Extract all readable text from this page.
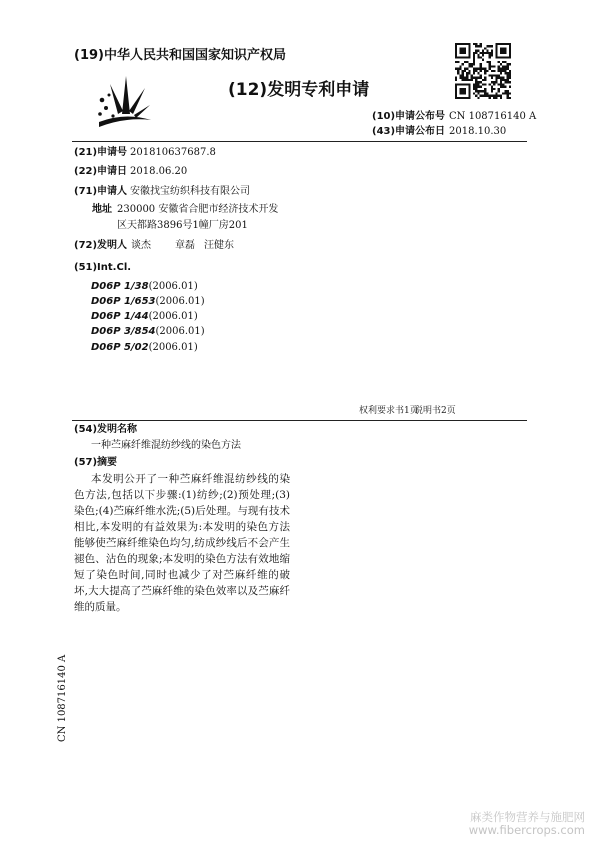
(19)中华人民共和国国家知识产权局
(12)发明专利申请
(10)申请公布号 CN 108716140 A
(43)申请公布日 2018.10.30
(21)申请号 201810637687.8
(22)申请日 2018.06.20
(71)申请人 安徽找宝纺织科技有限公司
地址 230000 安徽省合肥市经济技术开发
区天都路3896号1幢厂房201
(72)发明人 谈杰 章磊 汪健东
(51)Int.Cl.
D06P 1/38(2006.01)
D06P 1/653(2006.01)
D06P 1/44(2006.01)
D06P 3/854(2006.01)
D06P 5/02(2006.01)
权利要求书1页
说明书2页
(54)发明名称
一种苎麻纤维混纺纱线的染色方法
(57)摘要
本发明公开了一种苎麻纤维混纺纱线的染
色方法,包括以下步骤:(1)纺纱;(2)预处理;(3)
染色;(4)苎麻纤维水洗;(5)后处理。与现有技术
相比,本发明的有益效果为:本发明的染色方法
能够使苎麻纤维染色均匀,纺成纱线后不会产生
褪色、沾色的现象;本发明的染色方法有效地缩
短了染色时间,同时也减少了对苎麻纤维的破
坏,大大提高了苎麻纤维的染色效率以及苎麻纤
维的质量。
CN 108716140 A
麻类作物营养与施肥网
www.fibercrops.com
